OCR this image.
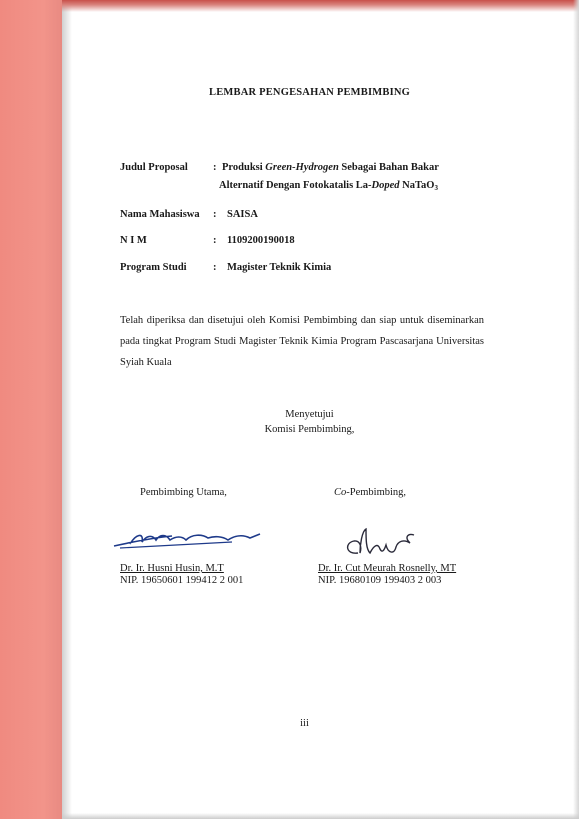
LEMBAR PENGESAHAN PEMBIMBING
Judul Proposal : Produksi Green-Hydrogen Sebagai Bahan Bakar
Alternatif Dengan Fotokatalis La-Doped NaTaO$_3$
Nama Mahasiswa : SAISA
N I M	: 1109200190018
Program Studi	: Magister Teknik Kimia
Telah diperiksa dan disetujui oleh Komisi Pembimbing dan siap untuk diseminarkan pada tingkat Program Studi Magister Teknik Kimia Program Pascasarjana Universitas Syiah Kuala
Menyetujui
Komisi Pembimbing,
Pembimbing Utama,
Dr. Ir. Husni Husin, M.T
NIP. 19650601 199412 2 001
Co-Pembimbing,
Dr. Ir. Cut Meurah Rosnelly, MT
NIP. 19680109 199403 2 003
iii
